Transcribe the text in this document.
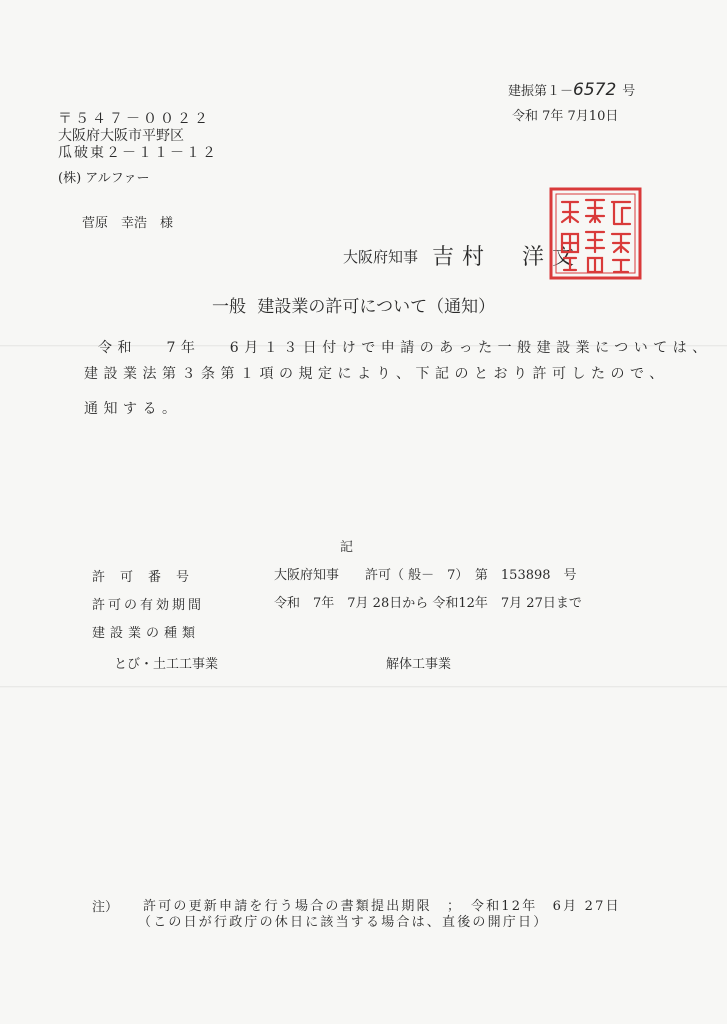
建振第１－6572 号
令和 7年 7月10日
〒５４７－００２２
大阪府大阪市平野区
瓜破東２－１１－１２
(株) アルファー
菅原　幸浩　様
大阪府知事 吉村　洋文
一般 建設業の許可について（通知）
令和　 7年　 6月１３日付けで申請のあった一般建設業については、
建設業法第３条第１項の規定により、下記のとおり許可したので、
通知する。
記
許　可　番　号	大阪府知事　　許可（ 般－　7）　第　153898　号
許可の有効期間	令和　7年　7月 28日から 令和12年　7月 27日まで
建設業の種類
とび・土工工事業	解体工事業
注） 許可の更新申請を行う場合の書類提出期限　；　令和12年　6月 27日
（この日が行政庁の休日に該当する場合は、直後の開庁日）
